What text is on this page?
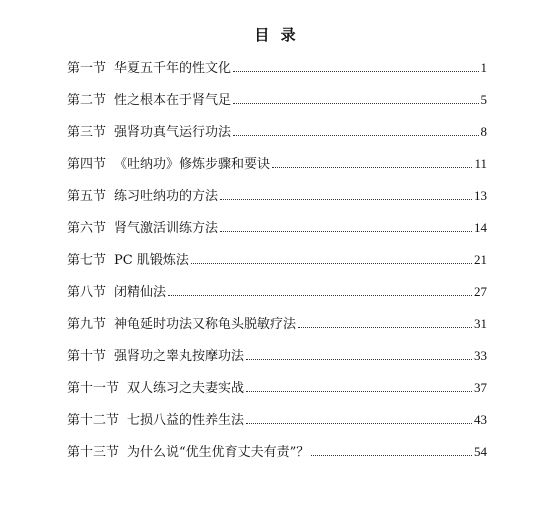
目 录
第一节 华夏五千年的性文化	1
第二节 性之根本在于肾气足	5
第三节 强肾功真气运行功法	8
第四节 《吐纳功》修炼步骤和要诀	11
第五节 练习吐纳功的方法	13
第六节 肾气激活训练方法	14
第七节 PC 肌锻炼法	21
第八节 闭精仙法	27
第九节 神龟延时功法又称龟头脱敏疗法	31
第十节 强肾功之睾丸按摩功法	33
第十一节 双人练习之夫妻实战	37
第十二节 七损八益的性养生法	43
第十三节 为什么说“优生优育丈夫有责”？	54
